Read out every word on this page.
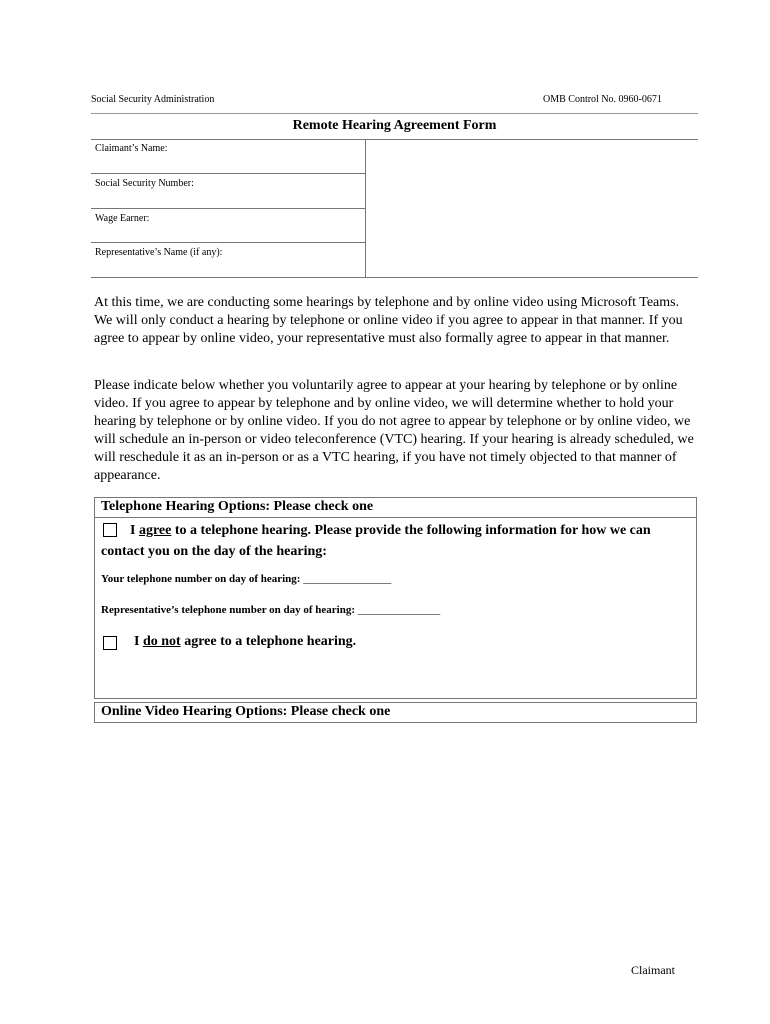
Social Security Administration	OMB Control No. 0960-0671
Remote Hearing Agreement Form
Claimant’s Name:
Social Security Number:
Wage Earner:
Representative’s Name (if any):
At this time, we are conducting some hearings by telephone and by online video using Microsoft Teams. We will only conduct a hearing by telephone or online video if you agree to appear in that manner. If you agree to appear by online video, your representative must also formally agree to appear in that manner.
Please indicate below whether you voluntarily agree to appear at your hearing by telephone or by online video. If you agree to appear by telephone and by online video, we will determine whether to hold your hearing by telephone or by online video. If you do not agree to appear by telephone or by online video, we will schedule an in-person or video teleconference (VTC) hearing. If your hearing is already scheduled, we will reschedule it as an in-person or as a VTC hearing, if you have not timely objected to that manner of appearance.
Telephone Hearing Options: Please check one
I agree to a telephone hearing. Please provide the following information for how we can contact you on the day of the hearing:
Your telephone number on day of hearing: ________________
Representative’s telephone number on day of hearing: _______________
I do not agree to a telephone hearing.
Online Video Hearing Options: Please check one
Claimant
